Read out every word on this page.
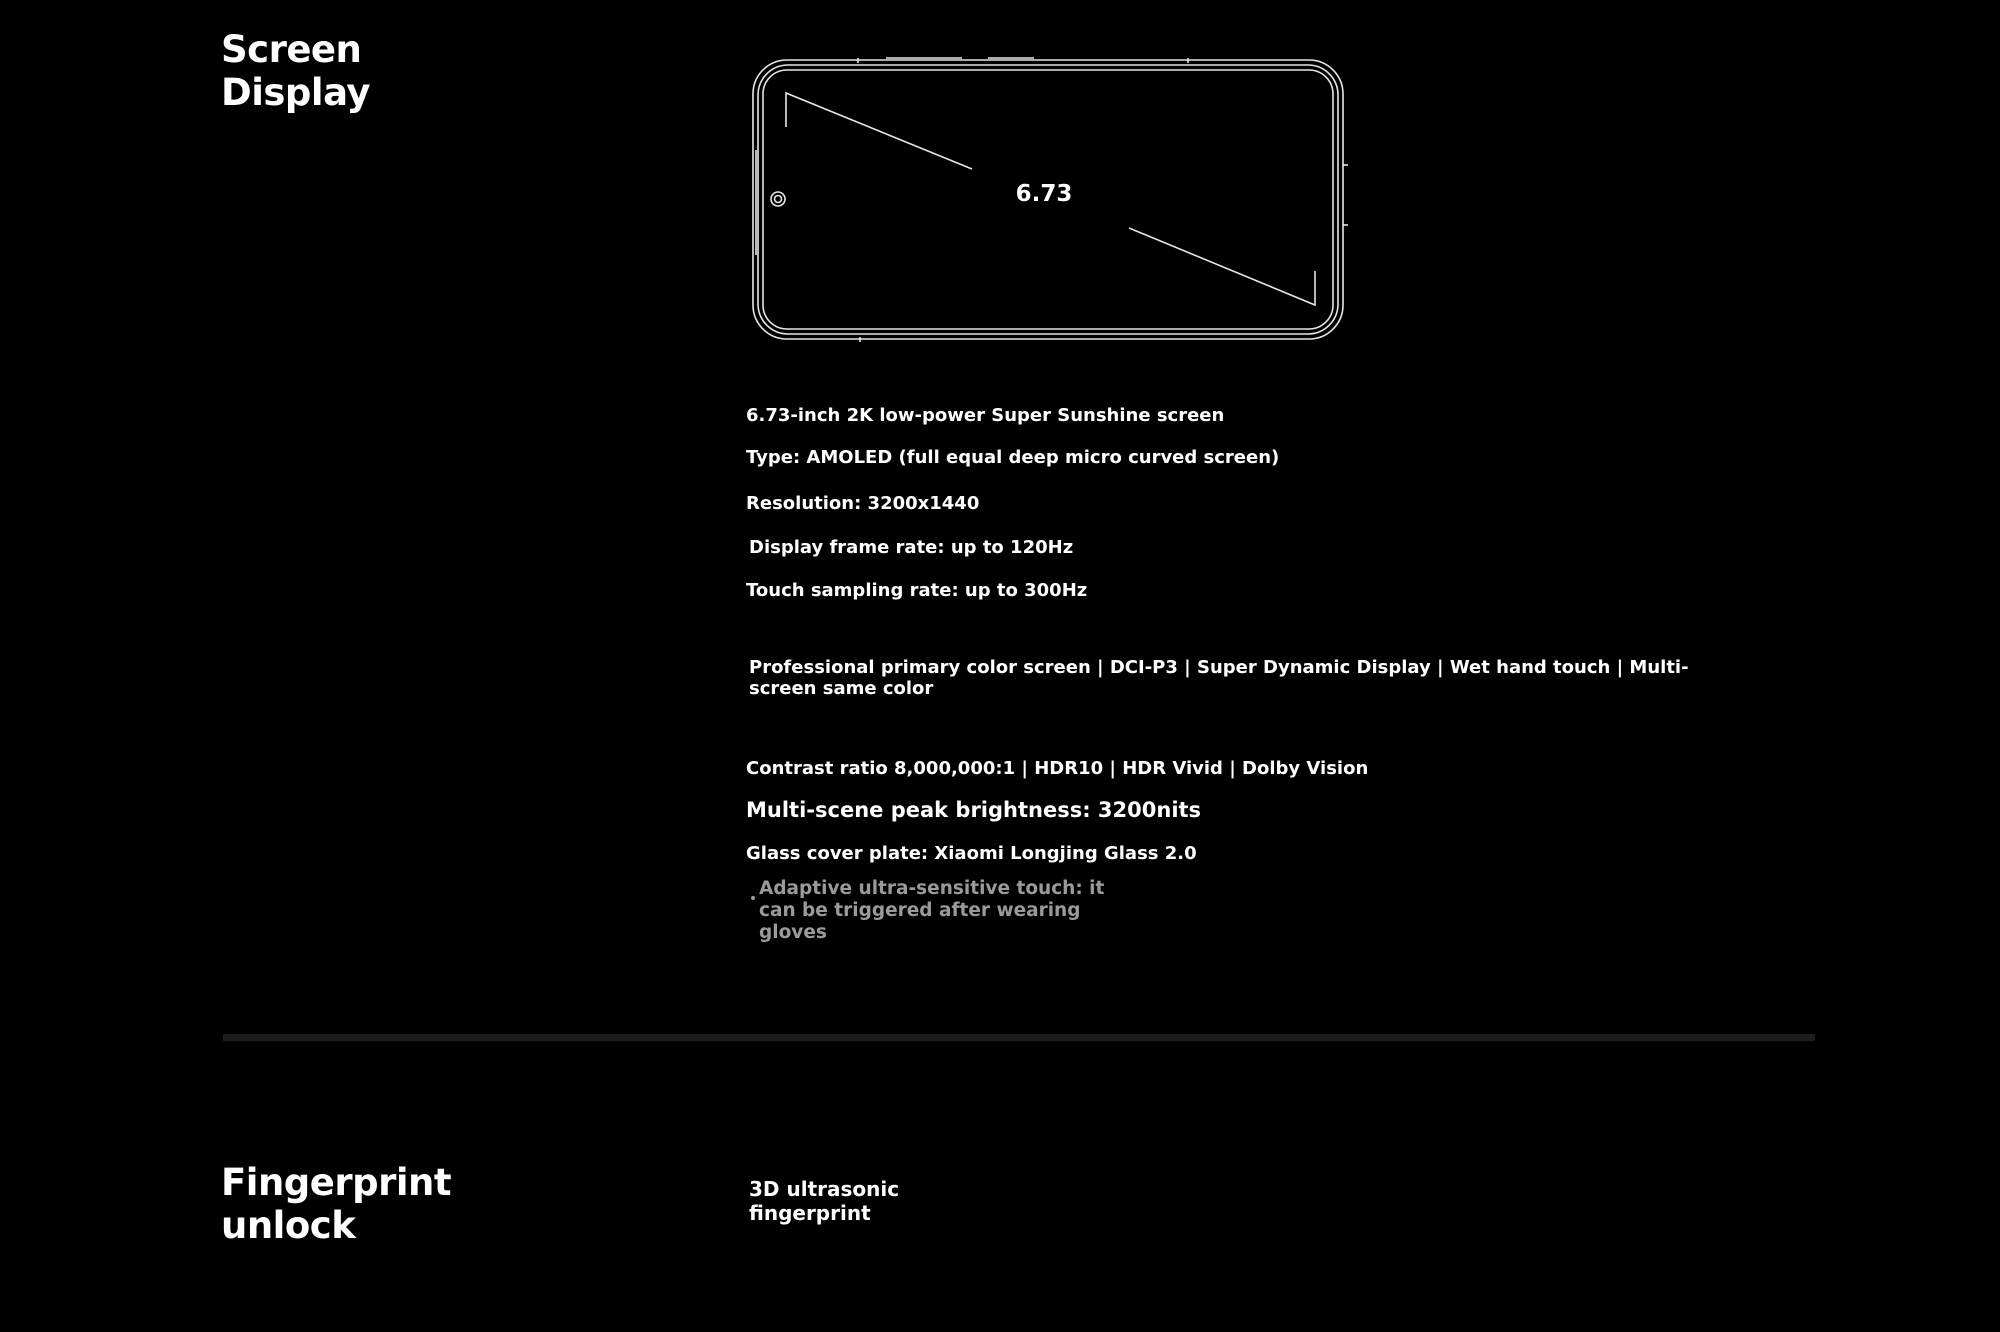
Screen
Display
6.73

6.73-inch 2K low-power Super Sunshine screen

Type: AMOLED (full equal deep micro curved screen)

Resolution: 3200x1440

Display frame rate: up to 120Hz

Touch sampling rate: up to 300Hz

Professional primary color screen | DCI-P3 | Super Dynamic Display | Wet hand touch | Multi-screen same color

Contrast ratio 8,000,000:1 | HDR10 | HDR Vivid | Dolby Vision

Multi-scene peak brightness: 3200nits

Glass cover plate: Xiaomi Longjing Glass 2.0

Adaptive ultra-sensitive touch: it can be triggered after wearing gloves
Fingerprint
unlock
3D ultrasonic
fingerprint
